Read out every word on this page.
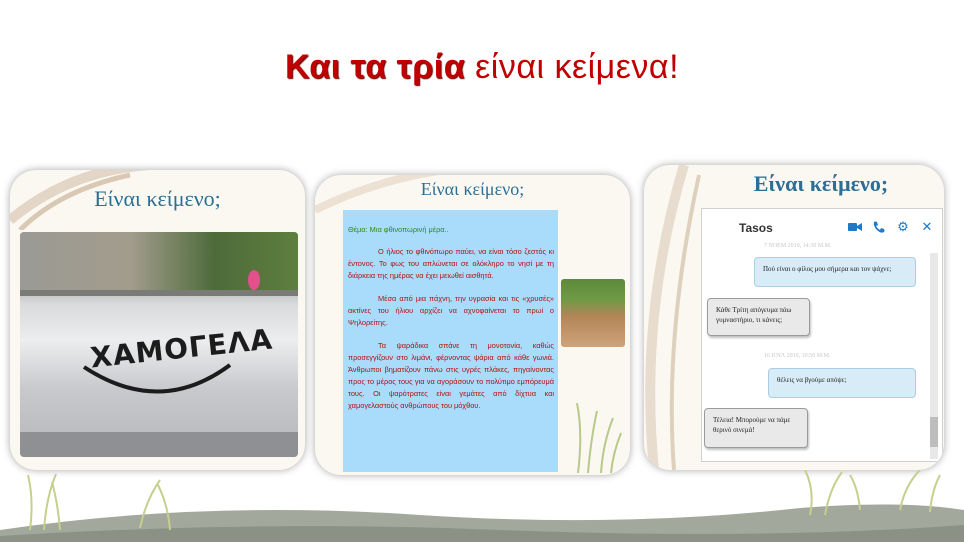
Και τα τρία είναι κείμενα!
Είναι κείμενο;
ΧΑΜΟΓΕΛΑ
Είναι κείμενο;
Θέμα: Μια φθινοπωρινή μέρα..

Ο ήλιος το φθινόπωρο παύει, να είναι τόσο ζεστός κι έντονος. Το φως του απλώνεται σε ολόκληρο το νησί με τη διάρκεια της ημέρας να έχει μειωθεί αισθητά.

Μέσα από μια πάχνη, την υγρασία και τις «χρυσές» ακτίνες του ήλιου αρχίζει να αχνοφαίνεται το πρωί ο Ψηλορείτης.

Τα ψαράδικα σπάνε τη μονοτονία, καθώς προσεγγίζουν στο λιμάνι, φέρνοντας ψάρια από κάθε γωνιά. Άνθρωποι βηματίζουν πάνω στις υγρές πλάκες, πηγαίνοντας προς το μέρος τους για να αγοράσουν το πολύτιμο εμπόρευμά τους. Οι ψαρότρατες είναι γεμάτες από δίχτυα και χαμογελαστούς ανθρώπους του μόχθου.

Είναι κείμενο;
Tasos	⚙ ✕
7 ΝΟΕΜ 2019, 14:30 Μ.Μ.
Πού είναι ο φίλος μου σήμερα και τον ψάχνε;
Κάθε Τρίτη απόγευμα πάω γυμναστήριο, τι κάνεις;
16 ΙΟΥΛ 2019, 10:50 Μ.Μ.
θέλεις να βγούμε απόψε;
Τέλεια! Μπορούμε να πάμε θερινό σινεμά!
